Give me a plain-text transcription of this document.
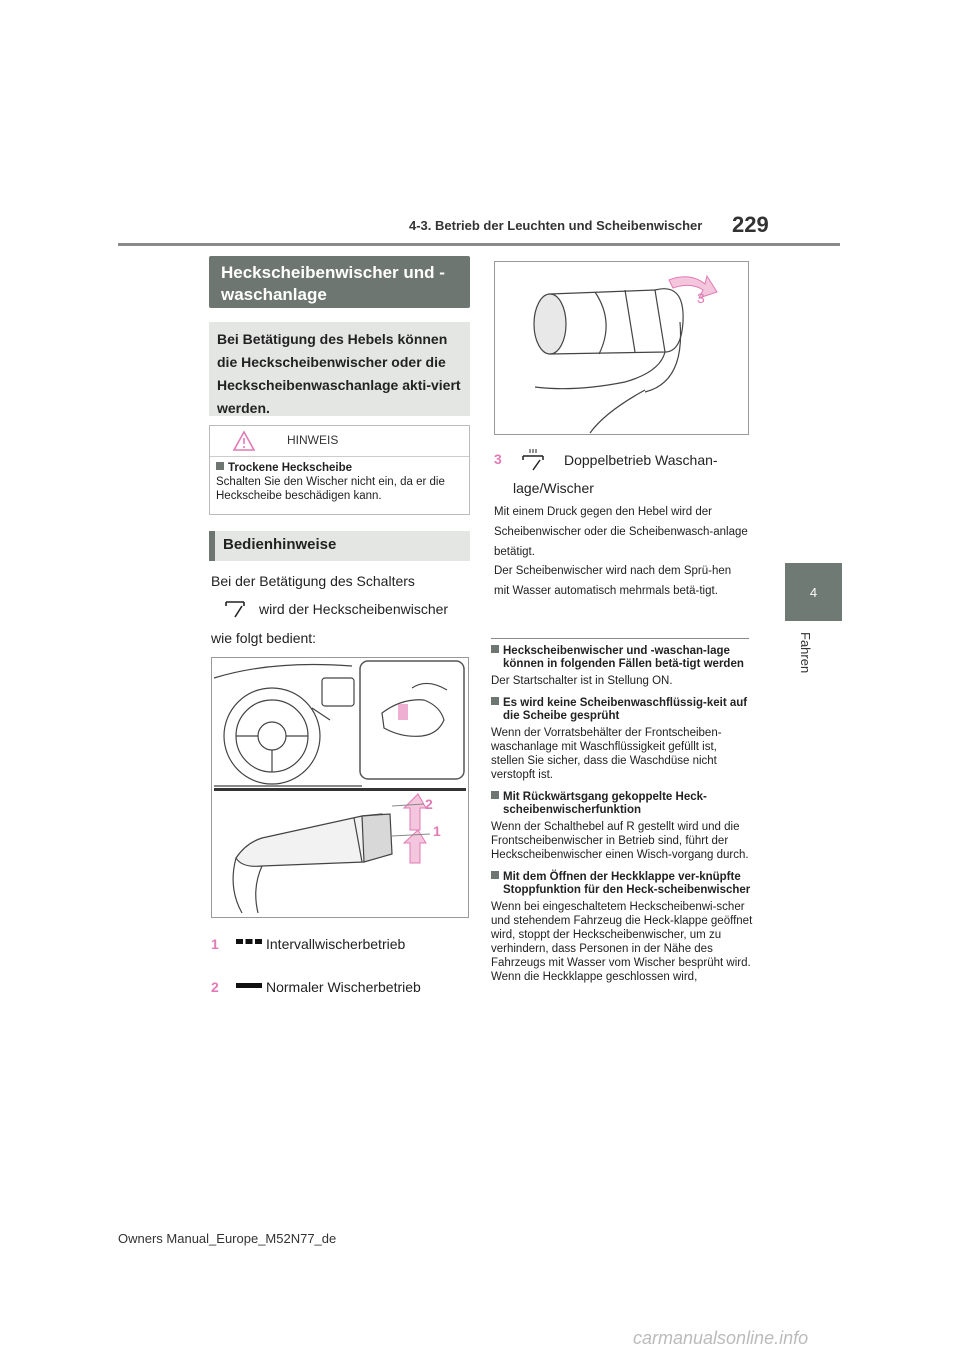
4-3. Betrieb der Leuchten und Scheibenwischer 229
4
Fahren
Heckscheibenwischer und -waschanlage
Bei Betätigung des Hebels können die Heckscheibenwischer oder die Heckscheibenwaschanlage akti-viert werden.
HINWEIS
Trockene Heckscheibe
Schalten Sie den Wischer nicht ein, da er die Heckscheibe beschädigen kann.
Bedienhinweise
Bei der Betätigung des Schalters
wird der Heckscheibenwischer
wie folgt bedient:
2
1
1	Intervallwischerbetrieb
2	Normaler Wischerbetrieb
3
3	Doppelbetrieb Waschan-
lage/Wischer
Mit einem Druck gegen den Hebel wird der Scheibenwischer oder die Scheibenwasch-anlage betätigt.
Der Scheibenwischer wird nach dem Sprü-hen mit Wasser automatisch mehrmals betä-tigt.
Heckscheibenwischer und -waschan-lage können in folgenden Fällen betä-tigt werden
Der Startschalter ist in Stellung ON.
Es wird keine Scheibenwaschflüssig-keit auf die Scheibe gesprüht
Wenn der Vorratsbehälter der Frontscheiben-waschanlage mit Waschflüssigkeit gefüllt ist, stellen Sie sicher, dass die Waschdüse nicht verstopft ist.
Mit Rückwärtsgang gekoppelte Heck-scheibenwischerfunktion
Wenn der Schalthebel auf R gestellt wird und die Frontscheibenwischer in Betrieb sind, führt der Heckscheibenwischer einen Wisch-vorgang durch.
Mit dem Öffnen der Heckklappe ver-knüpfte Stoppfunktion für den Heck-scheibenwischer
Wenn bei eingeschaltetem Heckscheibenwi-scher und stehendem Fahrzeug die Heck-klappe geöffnet wird, stoppt der Heckscheibenwischer, um zu verhindern, dass Personen in der Nähe des Fahrzeugs mit Wasser vom Wischer besprüht wird. Wenn die Heckklappe geschlossen wird,
Owners Manual_Europe_M52N77_de
carmanualsonline.info
